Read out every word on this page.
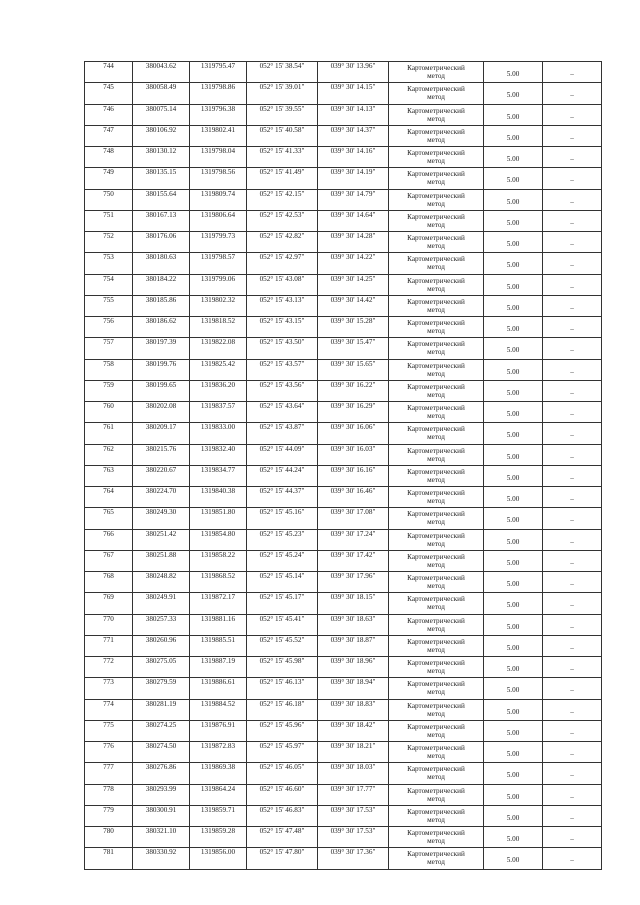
744	380043.62	1319795.47	052° 15' 38.54"	039° 30' 13.96"	Картометрический
метод	5.00	–
745	380058.49	1319798.86	052° 15' 39.01"	039° 30' 14.15"	Картометрический
метод	5.00	–
746	380075.14	1319796.38	052° 15' 39.55"	039° 30' 14.13"	Картометрический
метод	5.00	–
747	380106.92	1319802.41	052° 15' 40.58"	039° 30' 14.37"	Картометрический
метод	5.00	–
748	380130.12	1319798.04	052° 15' 41.33"	039° 30' 14.16"	Картометрический
метод	5.00	–
749	380135.15	1319798.56	052° 15' 41.49"	039° 30' 14.19"	Картометрический
метод	5.00	–
750	380155.64	1319809.74	052° 15' 42.15"	039° 30' 14.79"	Картометрический
метод	5.00	–
751	380167.13	1319806.64	052° 15' 42.53"	039° 30' 14.64"	Картометрический
метод	5.00	–
752	380176.06	1319799.73	052° 15' 42.82"	039° 30' 14.28"	Картометрический
метод	5.00	–
753	380180.63	1319798.57	052° 15' 42.97"	039° 30' 14.22"	Картометрический
метод	5.00	–
754	380184.22	1319799.06	052° 15' 43.08"	039° 30' 14.25"	Картометрический
метод	5.00	–
755	380185.86	1319802.32	052° 15' 43.13"	039° 30' 14.42"	Картометрический
метод	5.00	–
756	380186.62	1319818.52	052° 15' 43.15"	039° 30' 15.28"	Картометрический
метод	5.00	–
757	380197.39	1319822.08	052° 15' 43.50"	039° 30' 15.47"	Картометрический
метод	5.00	–
758	380199.76	1319825.42	052° 15' 43.57"	039° 30' 15.65"	Картометрический
метод	5.00	–
759	380199.65	1319836.20	052° 15' 43.56"	039° 30' 16.22"	Картометрический
метод	5.00	–
760	380202.08	1319837.57	052° 15' 43.64"	039° 30' 16.29"	Картометрический
метод	5.00	–
761	380209.17	1319833.00	052° 15' 43.87"	039° 30' 16.06"	Картометрический
метод	5.00	–
762	380215.76	1319832.40	052° 15' 44.09"	039° 30' 16.03"	Картометрический
метод	5.00	–
763	380220.67	1319834.77	052° 15' 44.24"	039° 30' 16.16"	Картометрический
метод	5.00	–
764	380224.70	1319840.38	052° 15' 44.37"	039° 30' 16.46"	Картометрический
метод	5.00	–
765	380249.30	1319851.80	052° 15' 45.16"	039° 30' 17.08"	Картометрический
метод	5.00	–
766	380251.42	1319854.80	052° 15' 45.23"	039° 30' 17.24"	Картометрический
метод	5.00	–
767	380251.88	1319858.22	052° 15' 45.24"	039° 30' 17.42"	Картометрический
метод	5.00	–
768	380248.82	1319868.52	052° 15' 45.14"	039° 30' 17.96"	Картометрический
метод	5.00	–
769	380249.91	1319872.17	052° 15' 45.17"	039° 30' 18.15"	Картометрический
метод	5.00	–
770	380257.33	1319881.16	052° 15' 45.41"	039° 30' 18.63"	Картометрический
метод	5.00	–
771	380260.96	1319885.51	052° 15' 45.52"	039° 30' 18.87"	Картометрический
метод	5.00	–
772	380275.05	1319887.19	052° 15' 45.98"	039° 30' 18.96"	Картометрический
метод	5.00	–
773	380279.59	1319886.61	052° 15' 46.13"	039° 30' 18.94"	Картометрический
метод	5.00	–
774	380281.19	1319884.52	052° 15' 46.18"	039° 30' 18.83"	Картометрический
метод	5.00	–
775	380274.25	1319876.91	052° 15' 45.96"	039° 30' 18.42"	Картометрический
метод	5.00	–
776	380274.50	1319872.83	052° 15' 45.97"	039° 30' 18.21"	Картометрический
метод	5.00	–
777	380276.86	1319869.38	052° 15' 46.05"	039° 30' 18.03"	Картометрический
метод	5.00	–
778	380293.99	1319864.24	052° 15' 46.60"	039° 30' 17.77"	Картометрический
метод	5.00	–
779	380300.91	1319859.71	052° 15' 46.83"	039° 30' 17.53"	Картометрический
метод	5.00	–
780	380321.10	1319859.28	052° 15' 47.48"	039° 30' 17.53"	Картометрический
метод	5.00	–
781	380330.92	1319856.00	052° 15' 47.80"	039° 30' 17.36"	Картометрический
метод	5.00	–
